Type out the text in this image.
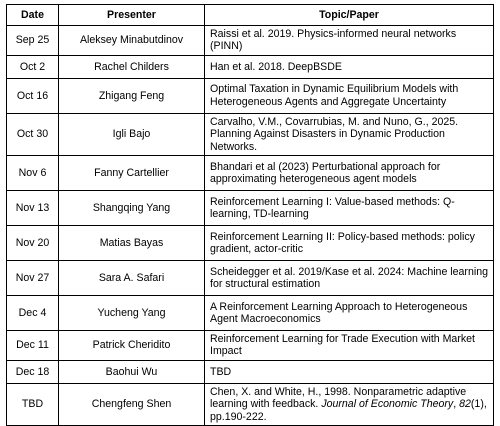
Date	Presenter	Topic/Paper
Sep 25	Aleksey Minabutdinov	Raissi et al. 2019. Physics-informed neural networks (PINN)
Oct 2	Rachel Childers	Han et al. 2018. DeepBSDE
Oct 16	Zhigang Feng	Optimal Taxation in Dynamic Equilibrium Models with Heterogeneous Agents and Aggregate Uncertainty
Oct 30	Igli Bajo	Carvalho, V.M., Covarrubias, M. and Nuno, G., 2025. Planning Against Disasters in Dynamic Production Networks.
Nov 6	Fanny Cartellier	Bhandari et al (2023) Perturbational approach for approximating heterogeneous agent models
Nov 13	Shangqing Yang	Reinforcement Learning I: Value-based methods: Q-learning, TD-learning
Nov 20	Matias Bayas	Reinforcement Learning II: Policy-based methods: policy gradient, actor-critic
Nov 27	Sara A. Safari	Scheidegger et al. 2019/Kase et al. 2024: Machine learning for structural estimation
Dec 4	Yucheng Yang	A Reinforcement Learning Approach to Heterogeneous Agent Macroeconomics
Dec 11	Patrick Cheridito	Reinforcement Learning for Trade Execution with Market Impact
Dec 18	Baohui Wu	TBD
TBD	Chengfeng Shen	Chen, X. and White, H., 1998. Nonparametric adaptive learning with feedback. Journal of Economic Theory, 82(1), pp.190-222.
